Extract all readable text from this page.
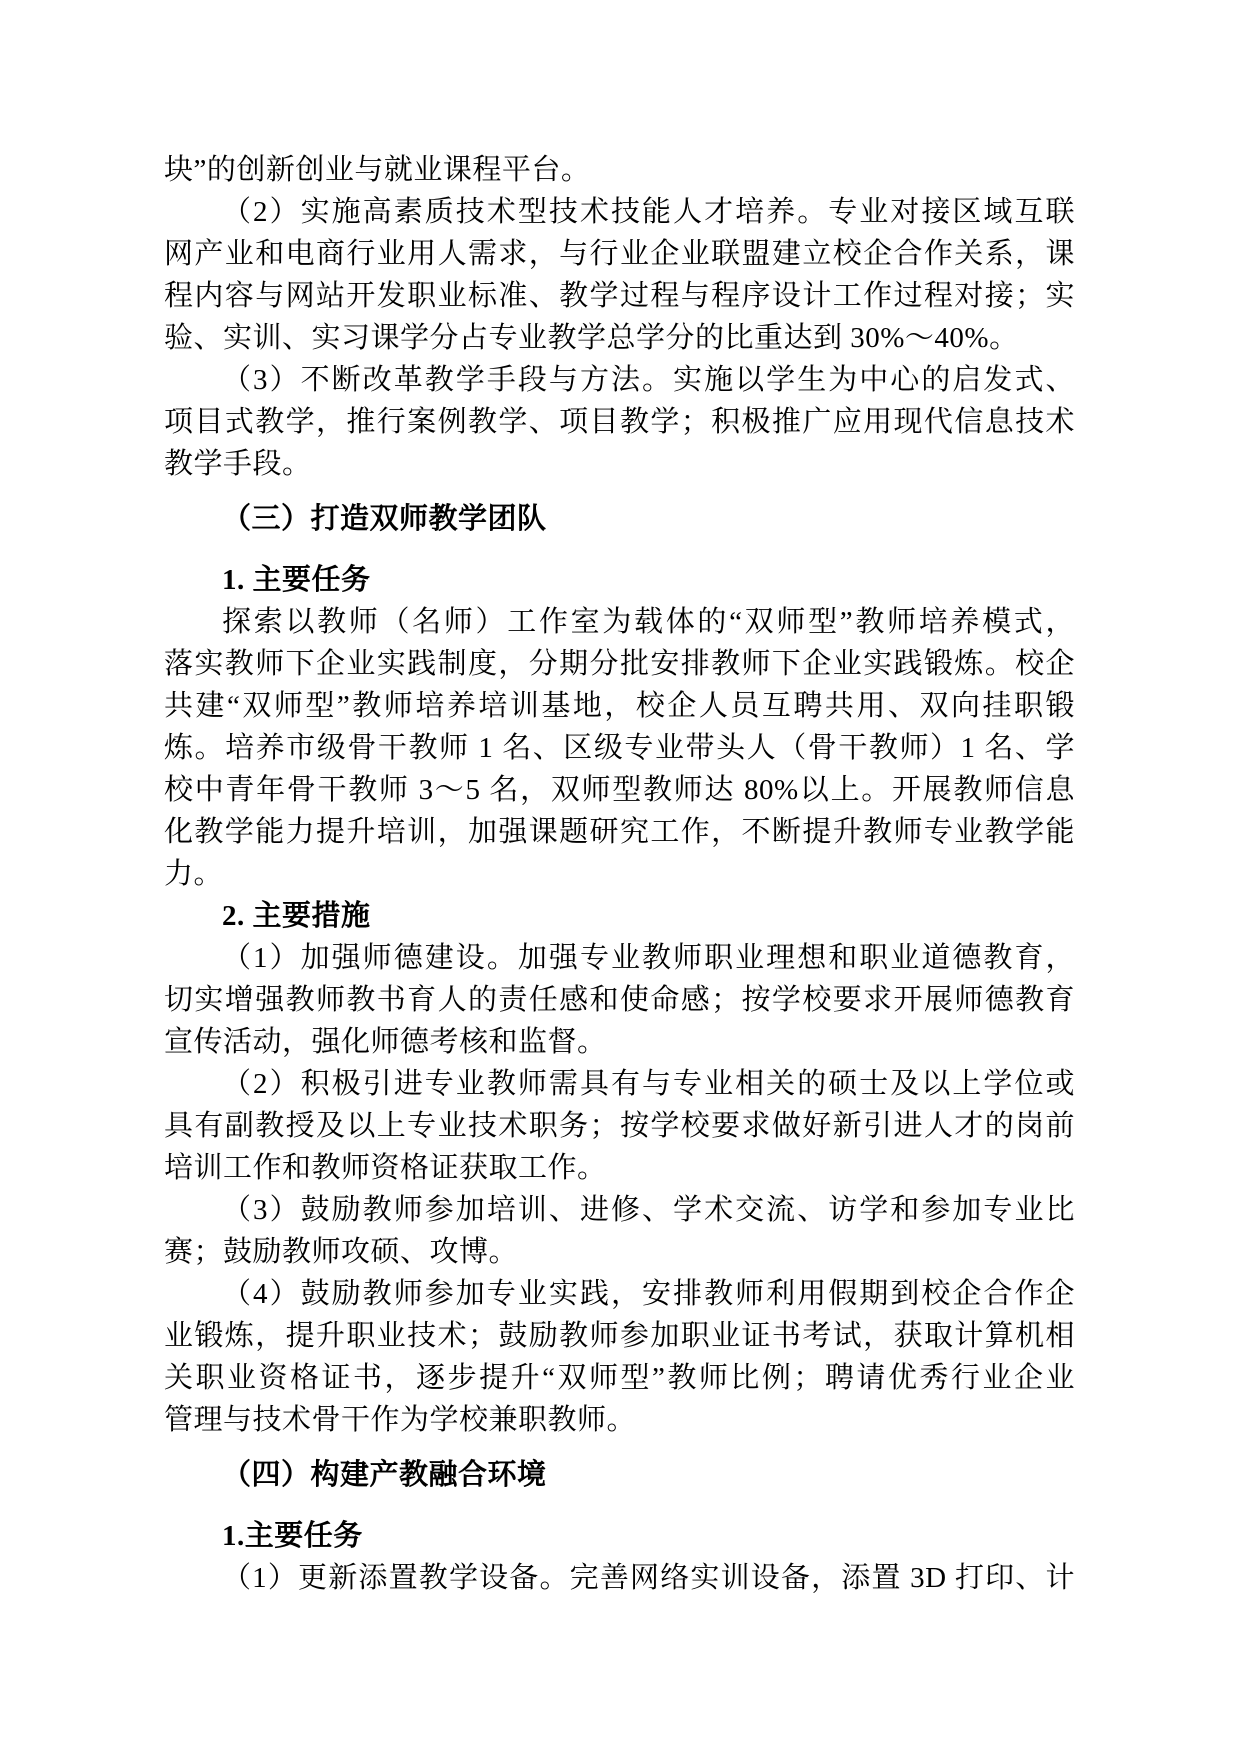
块”的创新创业与就业课程平台。
（2）实施高素质技术型技术技能人才培养。专业对接区域互联
网产业和电商行业用人需求，与行业企业联盟建立校企合作关系，课
程内容与网站开发职业标准、教学过程与程序设计工作过程对接；实
验、实训、实习课学分占专业教学总学分的比重达到 30%～40%。
（3）不断改革教学手段与方法。实施以学生为中心的启发式、
项目式教学，推行案例教学、项目教学；积极推广应用现代信息技术
教学手段。
（三）打造双师教学团队
1. 主要任务
探索以教师（名师）工作室为载体的“双师型”教师培养模式，
落实教师下企业实践制度，分期分批安排教师下企业实践锻炼。校企
共建“双师型”教师培养培训基地，校企人员互聘共用、双向挂职锻
炼。培养市级骨干教师 1 名、区级专业带头人（骨干教师）1 名、学
校中青年骨干教师 3～5 名，双师型教师达 80%以上。开展教师信息
化教学能力提升培训，加强课题研究工作，不断提升教师专业教学能
力。
2. 主要措施
（1）加强师德建设。加强专业教师职业理想和职业道德教育，
切实增强教师教书育人的责任感和使命感；按学校要求开展师德教育
宣传活动，强化师德考核和监督。
（2）积极引进专业教师需具有与专业相关的硕士及以上学位或
具有副教授及以上专业技术职务；按学校要求做好新引进人才的岗前
培训工作和教师资格证获取工作。
（3）鼓励教师参加培训、进修、学术交流、访学和参加专业比
赛；鼓励教师攻硕、攻博。
（4）鼓励教师参加专业实践，安排教师利用假期到校企合作企
业锻炼，提升职业技术；鼓励教师参加职业证书考试，获取计算机相
关职业资格证书，逐步提升“双师型”教师比例；聘请优秀行业企业
管理与技术骨干作为学校兼职教师。
（四）构建产教融合环境
1.主要任务
（1）更新添置教学设备。完善网络实训设备，添置 3D 打印、计
